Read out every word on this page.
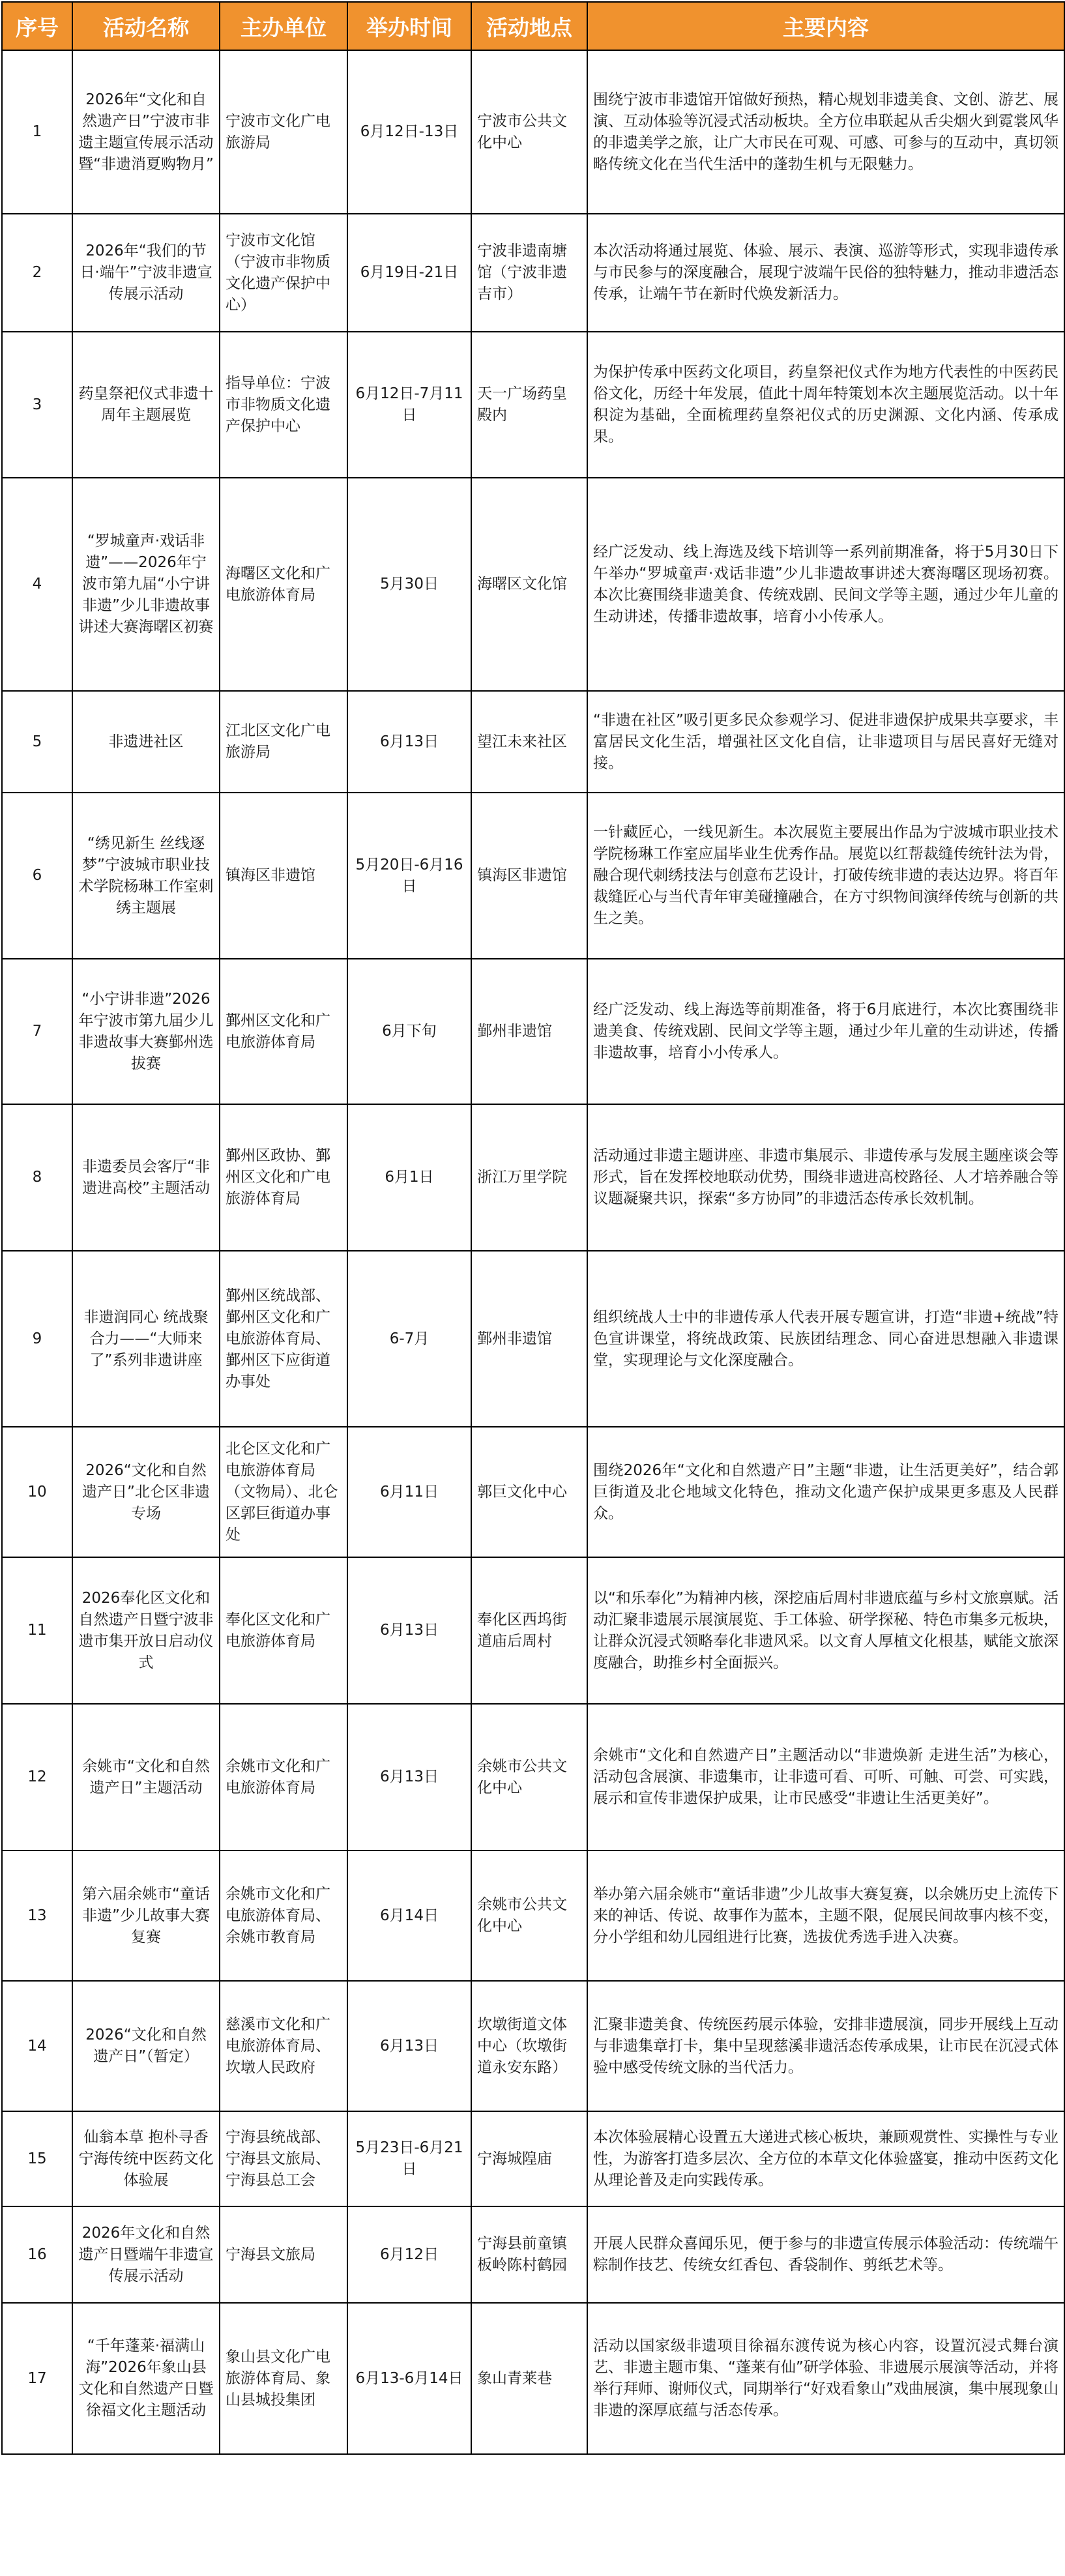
序号	活动名称	主办单位	举办时间	活动地点	主要内容
1	2026年“文化和自然遗产日”宁波市非遗主题宣传展示活动暨“非遗消夏购物月”	宁波市文化广电旅游局	6月12日-13日	宁波市公共文化中心	围绕宁波市非遗馆开馆做好预热，精心规划非遗美食、文创、游艺、展演、互动体验等沉浸式活动板块。全方位串联起从舌尖烟火到霓裳风华的非遗美学之旅，让广大市民在可观、可感、可参与的互动中，真切领略传统文化在当代生活中的蓬勃生机与无限魅力。
2	2026年“我们的节日·端午”宁波非遗宣传展示活动	宁波市文化馆（宁波市非物质文化遗产保护中心）	6月19日-21日	宁波非遗南塘馆（宁波非遗吉市）	本次活动将通过展览、体验、展示、表演、巡游等形式，实现非遗传承与市民参与的深度融合，展现宁波端午民俗的独特魅力，推动非遗活态传承，让端午节在新时代焕发新活力。
3	药皇祭祀仪式非遗十周年主题展览	指导单位：宁波市非物质文化遗产保护中心	6月12日-7月11日	天一广场药皇殿内	为保护传承中医药文化项目，药皇祭祀仪式作为地方代表性的中医药民俗文化，历经十年发展，值此十周年特策划本次主题展览活动。以十年积淀为基础，全面梳理药皇祭祀仪式的历史渊源、文化内涵、传承成果。
4	“罗城童声·戏话非遗”——2026年宁波市第九届“小宁讲非遗”少儿非遗故事讲述大赛海曙区初赛	海曙区文化和广电旅游体育局	5月30日	海曙区文化馆	经广泛发动、线上海选及线下培训等一系列前期准备，将于5月30日下午举办“罗城童声·戏话非遗”少儿非遗故事讲述大赛海曙区现场初赛。本次比赛围绕非遗美食、传统戏剧、民间文学等主题，通过少年儿童的生动讲述，传播非遗故事，培育小小传承人。
5	非遗进社区	江北区文化广电旅游局	6月13日	望江未来社区	“非遗在社区”吸引更多民众参观学习、促进非遗保护成果共享要求，丰富居民文化生活，增强社区文化自信，让非遗项目与居民喜好无缝对接。
6	“绣见新生 丝线逐梦”宁波城市职业技术学院杨琳工作室刺绣主题展	镇海区非遗馆	5月20日-6月16日	镇海区非遗馆	一针藏匠心，一线见新生。本次展览主要展出作品为宁波城市职业技术学院杨琳工作室应届毕业生优秀作品。展览以红帮裁缝传统针法为骨，融合现代刺绣技法与创意布艺设计，打破传统非遗的表达边界。将百年裁缝匠心与当代青年审美碰撞融合，在方寸织物间演绎传统与创新的共生之美。
7	“小宁讲非遗”2026年宁波市第九届少儿非遗故事大赛鄞州选拔赛	鄞州区文化和广电旅游体育局	6月下旬	鄞州非遗馆	经广泛发动、线上海选等前期准备，将于6月底进行，本次比赛围绕非遗美食、传统戏剧、民间文学等主题，通过少年儿童的生动讲述，传播非遗故事，培育小小传承人。
8	非遗委员会客厅“非遗进高校”主题活动	鄞州区政协、鄞州区文化和广电旅游体育局	6月1日	浙江万里学院	活动通过非遗主题讲座、非遗市集展示、非遗传承与发展主题座谈会等形式，旨在发挥校地联动优势，围绕非遗进高校路径、人才培养融合等议题凝聚共识，探索“多方协同”的非遗活态传承长效机制。
9	非遗润同心 统战聚合力——“大师来了”系列非遗讲座	鄞州区统战部、鄞州区文化和广电旅游体育局、鄞州区下应街道办事处	6-7月	鄞州非遗馆	组织统战人士中的非遗传承人代表开展专题宣讲，打造“非遗+统战”特色宣讲课堂，将统战政策、民族团结理念、同心奋进思想融入非遗课堂，实现理论与文化深度融合。
10	2026“文化和自然遗产日”北仑区非遗专场	北仑区文化和广电旅游体育局（文物局）、北仑区郭巨街道办事处	6月11日	郭巨文化中心	围绕2026年“文化和自然遗产日”主题“非遗，让生活更美好”，结合郭巨街道及北仑地域文化特色，推动文化遗产保护成果更多惠及人民群众。
11	2026奉化区文化和自然遗产日暨宁波非遗市集开放日启动仪式	奉化区文化和广电旅游体育局	6月13日	奉化区西坞街道庙后周村	以“和乐奉化”为精神内核，深挖庙后周村非遗底蕴与乡村文旅禀赋。活动汇聚非遗展示展演展览、手工体验、研学探秘、特色市集多元板块，让群众沉浸式领略奉化非遗风采。以文育人厚植文化根基，赋能文旅深度融合，助推乡村全面振兴。
12	余姚市“文化和自然遗产日”主题活动	余姚市文化和广电旅游体育局	6月13日	余姚市公共文化中心	余姚市“文化和自然遗产日”主题活动以“非遗焕新 走进生活”为核心，活动包含展演、非遗集市，让非遗可看、可听、可触、可尝、可实践，展示和宣传非遗保护成果，让市民感受“非遗让生活更美好”。
13	第六届余姚市“童话非遗”少儿故事大赛复赛	余姚市文化和广电旅游体育局、余姚市教育局	6月14日	余姚市公共文化中心	举办第六届余姚市“童话非遗”少儿故事大赛复赛，以余姚历史上流传下来的神话、传说、故事作为蓝本，主题不限，促展民间故事内核不变，分小学组和幼儿园组进行比赛，选拔优秀选手进入决赛。
14	2026“文化和自然遗产日”（暂定）	慈溪市文化和广电旅游体育局、坎墩人民政府	6月13日	坎墩街道文体中心（坎墩街道永安东路）	汇聚非遗美食、传统医药展示体验，安排非遗展演，同步开展线上互动与非遗集章打卡，集中呈现慈溪非遗活态传承成果，让市民在沉浸式体验中感受传统文脉的当代活力。
15	仙翁本草 抱朴寻香 宁海传统中医药文化体验展	宁海县统战部、宁海县文旅局、宁海县总工会	5月23日-6月21日	宁海城隍庙	本次体验展精心设置五大递进式核心板块，兼顾观赏性、实操性与专业性，为游客打造多层次、全方位的本草文化体验盛宴，推动中医药文化从理论普及走向实践传承。
16	2026年文化和自然遗产日暨端午非遗宣传展示活动	宁海县文旅局	6月12日	宁海县前童镇板岭陈村鹤园	开展人民群众喜闻乐见，便于参与的非遗宣传展示体验活动：传统端午粽制作技艺、传统女红香包、香袋制作、剪纸艺术等。
17	“千年蓬莱·福满山海”2026年象山县文化和自然遗产日暨徐福文化主题活动	象山县文化广电旅游体育局、象山县城投集团	6月13-6月14日	象山青莱巷	活动以国家级非遗项目徐福东渡传说为核心内容，设置沉浸式舞台演艺、非遗主题市集、“蓬莱有仙”研学体验、非遗展示展演等活动，并将举行拜师、谢师仪式，同期举行“好戏看象山”戏曲展演，集中展现象山非遗的深厚底蕴与活态传承。
